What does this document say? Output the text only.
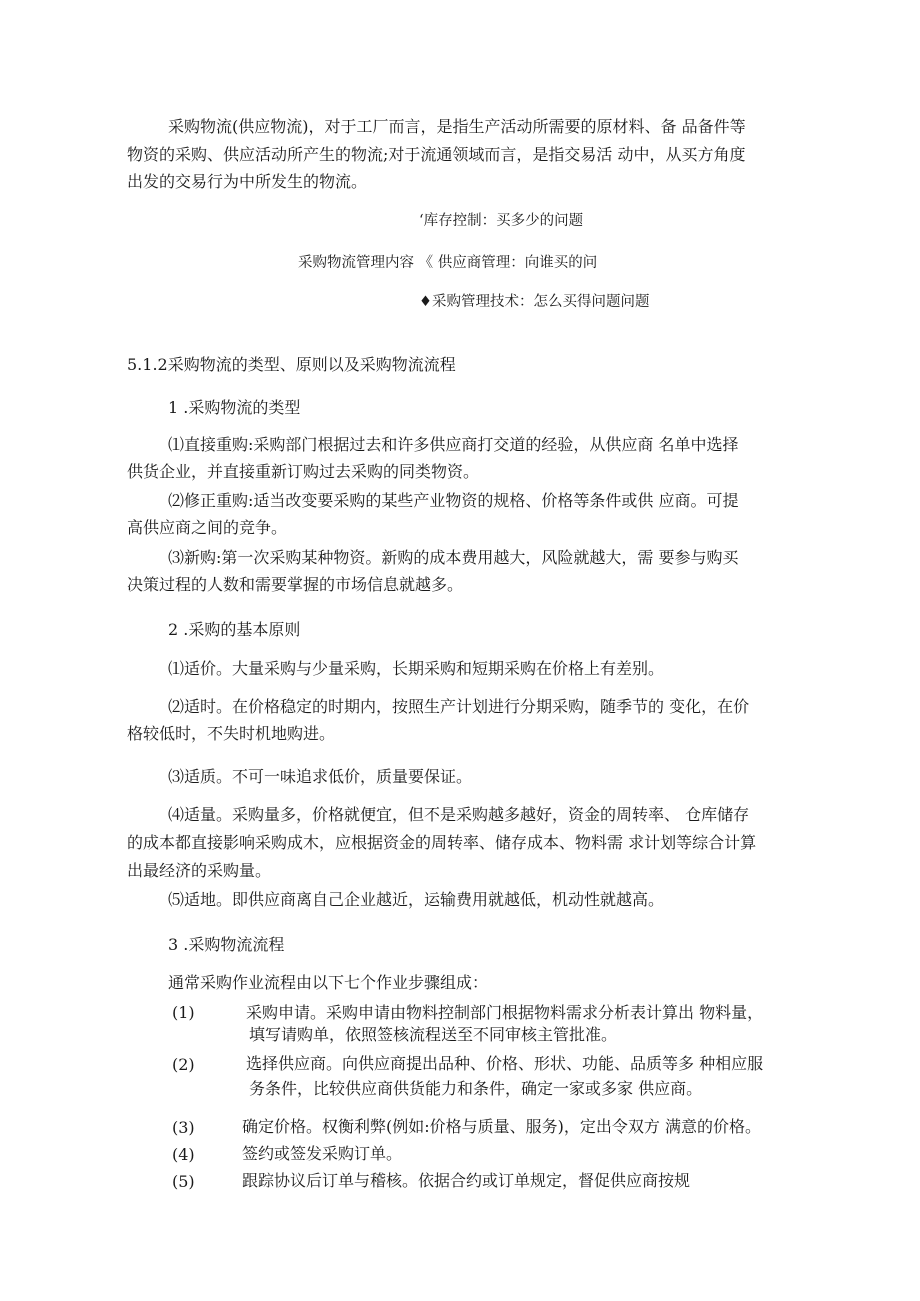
采购物流(供应物流)，对于工厂而言，是指生产活动所需要的原材料、备 品备件等
物资的采购、供应活动所产生的物流;对于流通领域而言，是指交易活 动中，从买方角度
出发的交易行为中所发生的物流。
‘库存控制：买多少的问题
采购物流管理内容 《 供应商管理：向谁买的问
♦采购管理技术：怎么买得问题问题
5.1.2采购物流的类型、原则以及采购物流流程
1 .采购物流的类型
⑴直接重购:采购部门根据过去和许多供应商打交道的经验，从供应商 名单中选择
供货企业，并直接重新订购过去采购的同类物资。
⑵修正重购:适当改变要采购的某些产业物资的规格、价格等条件或供 应商。可提
高供应商之间的竞争。
⑶新购:第一次采购某种物资。新购的成本费用越大，风险就越大，需 要参与购买
决策过程的人数和需要掌握的市场信息就越多。
2 .采购的基本原则
⑴适价。大量采购与少量采购，长期采购和短期采购在价格上有差别。
⑵适时。在价格稳定的时期内，按照生产计划进行分期采购，随季节的 变化，在价
格较低时，不失时机地购进。
⑶适质。不可一味追求低价，质量要保证。
⑷适量。采购量多，价格就便宜，但不是采购越多越好，资金的周转率、 仓库储存
的成本都直接影响采购成木，应根据资金的周转率、储存成本、物料需 求计划等综合计算
出最经济的采购量。
⑸适地。即供应商离自己企业越近，运输费用就越低，机动性就越高。
3 .采购物流流程
通常采购作业流程由以下七个作业步骤组成：
(1)	采购申请。采购申请由物料控制部门根据物料需求分析表计算出 物料量，
填写请购单，依照签核流程送至不同审核主管批准。
(2)	选择供应商。向供应商提出品种、价格、形状、功能、品质等多 种相应服
务条件，比较供应商供货能力和条件，确定一家或多家 供应商。
(3)	确定价格。权衡利弊(例如:价格与质量、服务)，定出令双方 满意的价格。
(4)	签约或签发采购订单。
(5)	跟踪协议后订单与稽核。依据合约或订单规定，督促供应商按规
